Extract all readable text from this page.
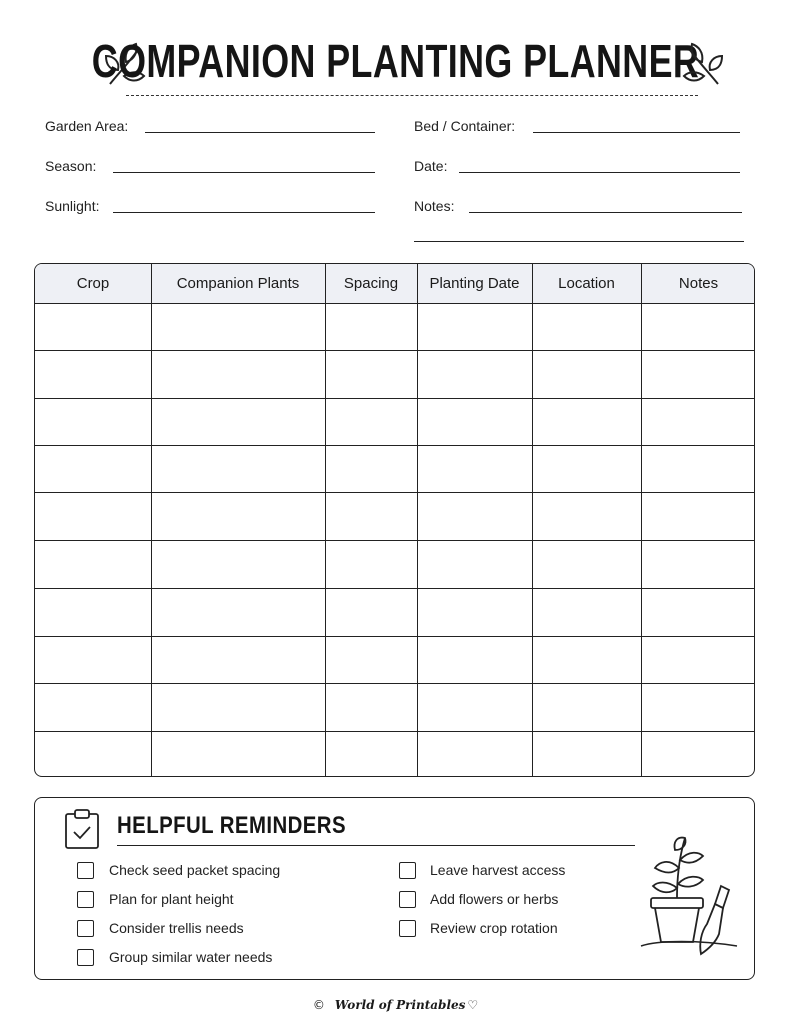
COMPANION PLANTING PLANNER
Garden Area:
Season:
Sunlight:
Bed / Container:
Date:
Notes:
Crop	Companion Plants	Spacing	Planting Date	Location	Notes
HELPFUL REMINDERS
Check seed packet spacing
Plan for plant height
Consider trellis needs
Group similar water needs
Leave harvest access
Add flowers or herbs
Review crop rotation
© World of Printables ♡
